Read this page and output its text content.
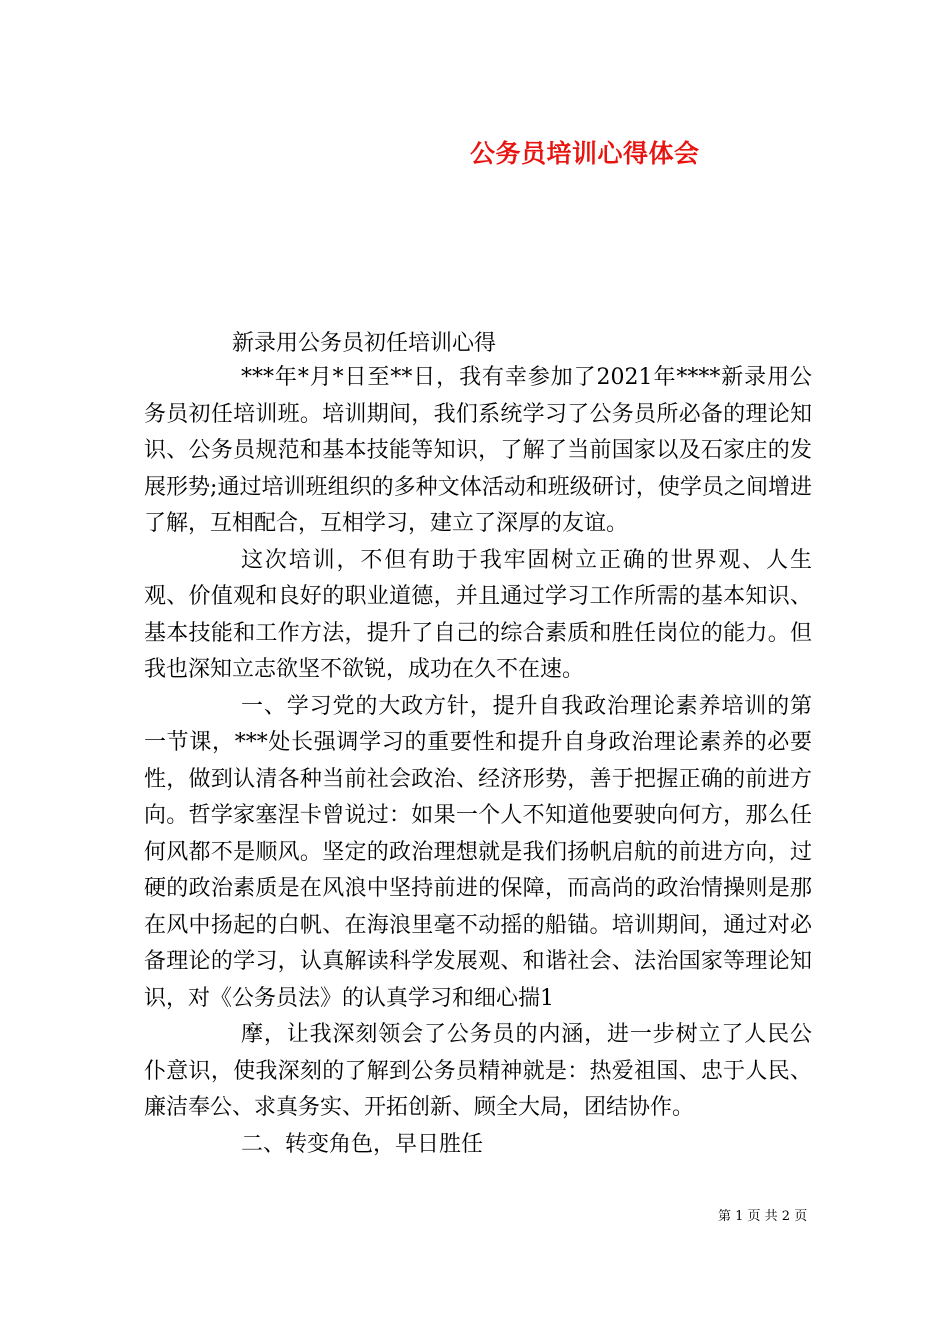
公务员培训心得体会

新录用公务员初任培训心得

***年*月*日至**日，我有幸参加了2021年****新录用公务员初任培训班。培训期间，我们系统学习了公务员所必备的理论知识、公务员规范和基本技能等知识，了解了当前国家以及石家庄的发展形势;通过培训班组织的多种文体活动和班级研讨，使学员之间增进了解，互相配合，互相学习，建立了深厚的友谊。

这次培训，不但有助于我牢固树立正确的世界观、人生观、价值观和良好的职业道德，并且通过学习工作所需的基本知识、基本技能和工作方法，提升了自己的综合素质和胜任岗位的能力。但我也深知立志欲坚不欲锐，成功在久不在速。

一、学习党的大政方针，提升自我政治理论素养培训的第一节课，***处长强调学习的重要性和提升自身政治理论素养的必要性，做到认清各种当前社会政治、经济形势，善于把握正确的前进方向。哲学家塞涅卡曾说过：如果一个人不知道他要驶向何方，那么任何风都不是顺风。坚定的政治理想就是我们扬帆启航的前进方向，过硬的政治素质是在风浪中坚持前进的保障，而高尚的政治情操则是那在风中扬起的白帆、在海浪里毫不动摇的船锚。培训期间，通过对必备理论的学习，认真解读科学发展观、和谐社会、法治国家等理论知识，对《公务员法》的认真学习和细心揣1

摩，让我深刻领会了公务员的内涵，进一步树立了人民公仆意识，使我深刻的了解到公务员精神就是：热爱祖国、忠于人民、廉洁奉公、求真务实、开拓创新、顾全大局，团结协作。

二、转变角色，早日胜任

第 1 页 共 2 页
